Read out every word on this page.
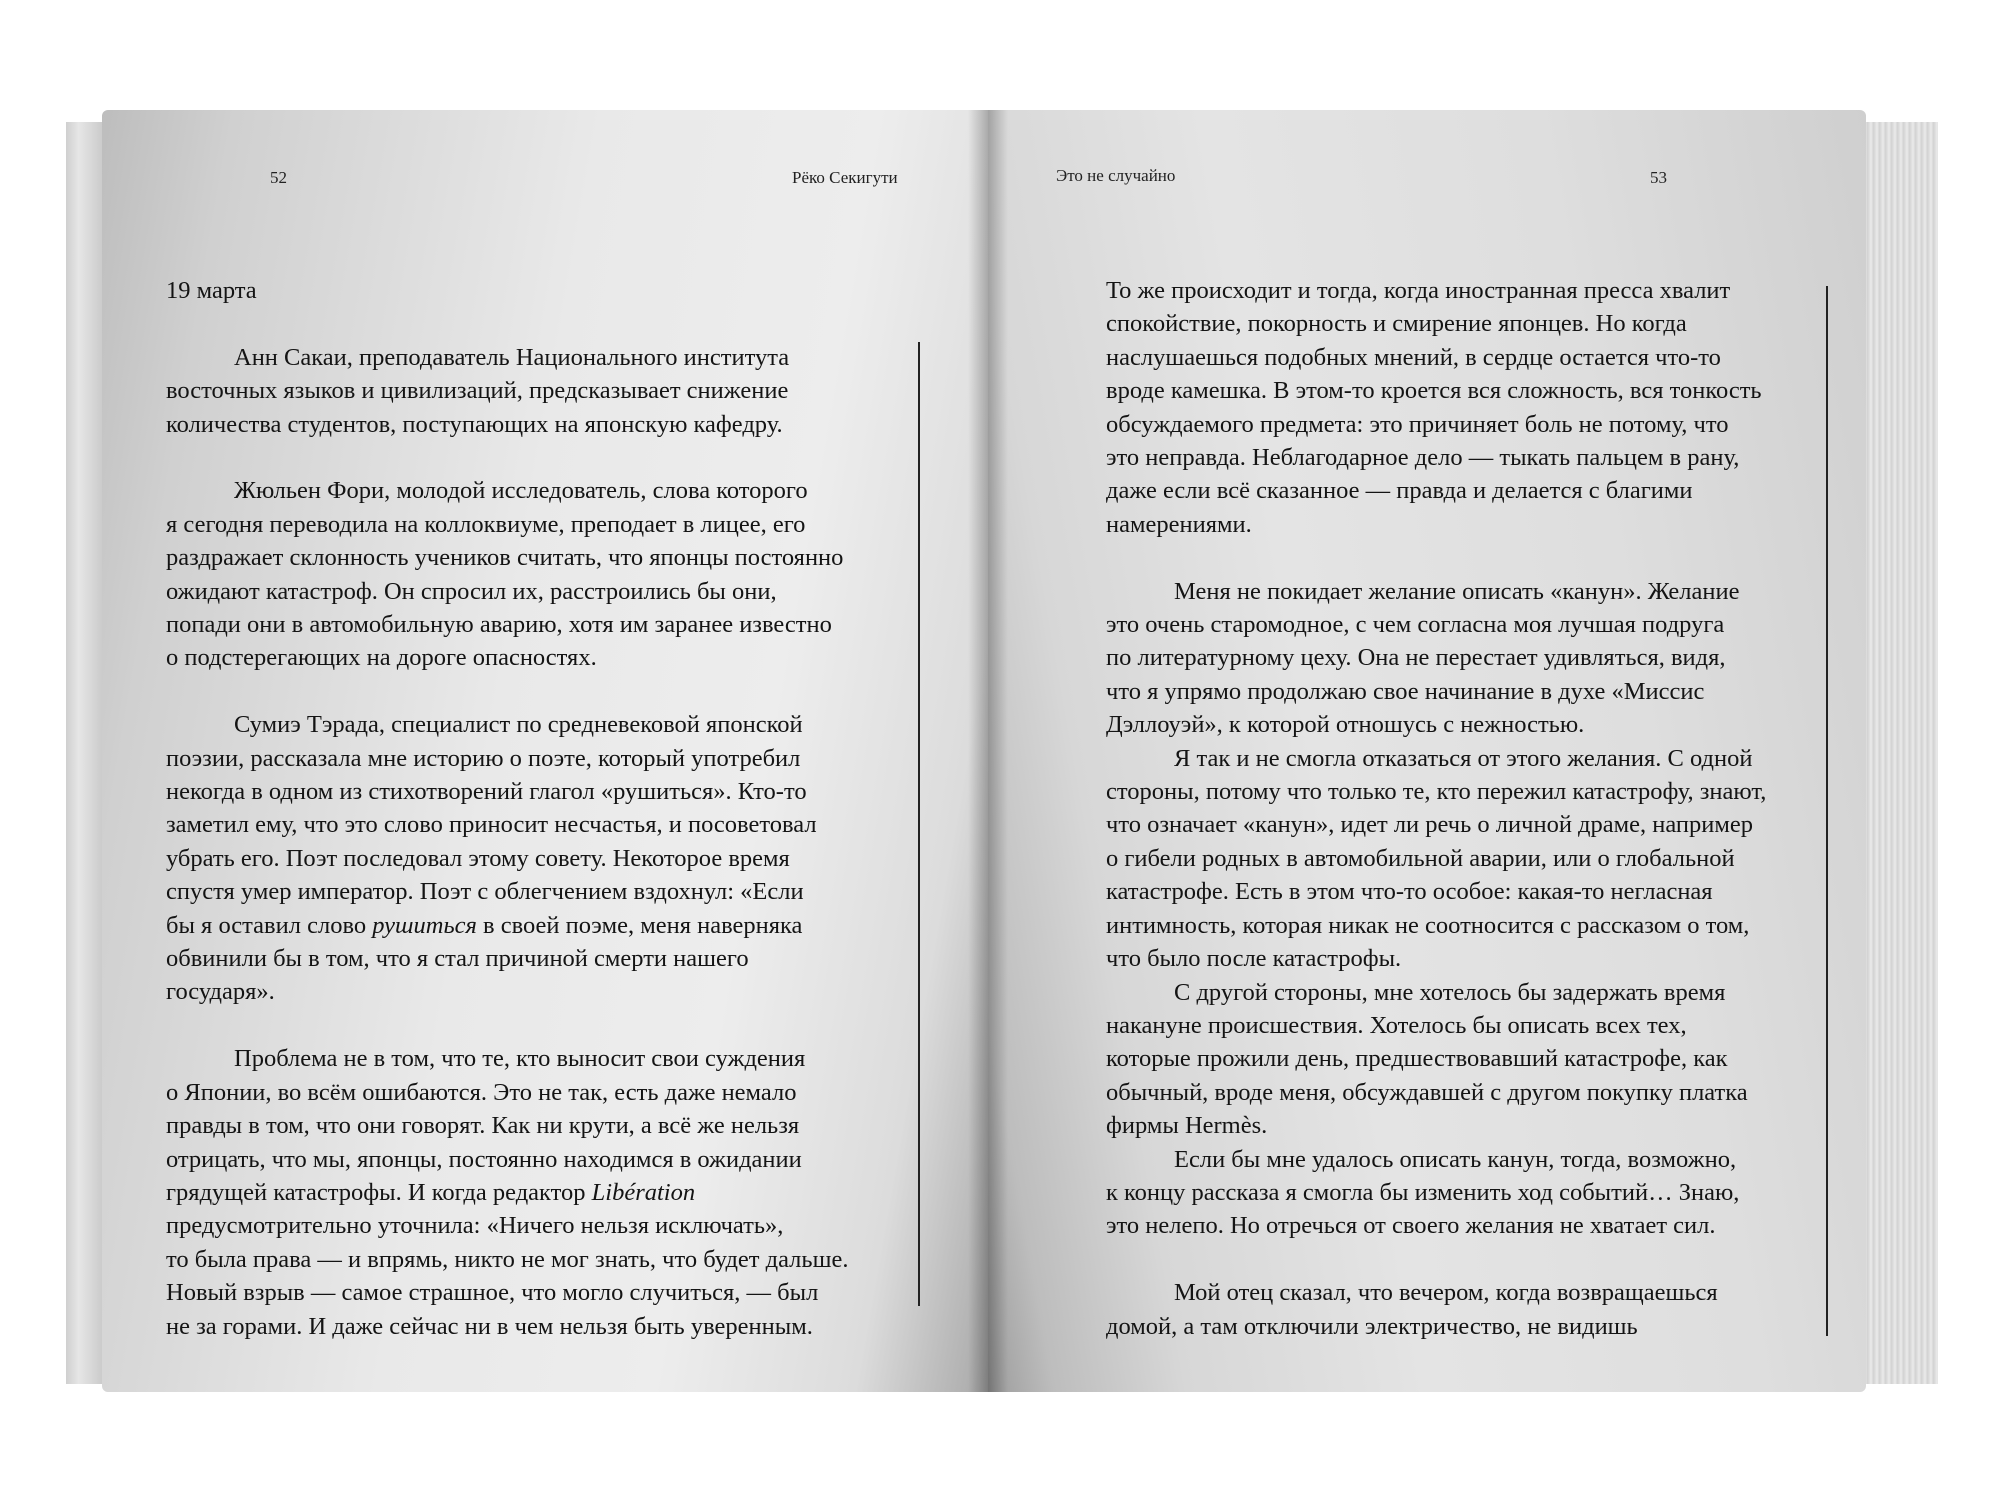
52	Рёко Секигути

19 марта

Анн Сакаи, преподаватель Национального института
восточных языков и цивилизаций, предсказывает снижение
количества студентов, поступающих на японскую кафедру.

Жюльен Фори, молодой исследователь, слова которого
я сегодня переводила на коллоквиуме, преподает в лицее, его
раздражает склонность учеников считать, что японцы постоянно
ожидают катастроф. Он спросил их, расстроились бы они,
попади они в автомобильную аварию, хотя им заранее известно
о подстерегающих на дороге опасностях.

Сумиэ Тэрада, специалист по средневековой японской
поэзии, рассказала мне историю о поэте, который употребил
некогда в одном из стихотворений глагол «рушиться». Кто-то
заметил ему, что это слово приносит несчастья, и посоветовал
убрать его. Поэт последовал этому совету. Некоторое время
спустя умер император. Поэт с облегчением вздохнул: «Если
бы я оставил слово рушиться в своей поэме, меня наверняка
обвинили бы в том, что я стал причиной смерти нашего
государя».

Проблема не в том, что те, кто выносит свои суждения
о Японии, во всём ошибаются. Это не так, есть даже немало
правды в том, что они говорят. Как ни крути, а всё же нельзя
отрицать, что мы, японцы, постоянно находимся в ожидании
грядущей катастрофы. И когда редактор Libération
предусмотрительно уточнила: «Ничего нельзя исключать»,
то была права — и впрямь, никто не мог знать, что будет дальше.
Новый взрыв — самое страшное, что могло случиться, — был
не за горами. И даже сейчас ни в чем нельзя быть уверенным.

Это не случайно	53

То же происходит и тогда, когда иностранная пресса хвалит
спокойствие, покорность и смирение японцев. Но когда
наслушаешься подобных мнений, в сердце остается что-то
вроде камешка. В этом-то кроется вся сложность, вся тонкость
обсуждаемого предмета: это причиняет боль не потому, что
это неправда. Неблагодарное дело — тыкать пальцем в рану,
даже если всё сказанное — правда и делается с благими
намерениями.

Меня не покидает желание описать «канун». Желание
это очень старомодное, с чем согласна моя лучшая подруга
по литературному цеху. Она не перестает удивляться, видя,
что я упрямо продолжаю свое начинание в духе «Миссис
Дэллоуэй», к которой отношусь с нежностью.

Я так и не смогла отказаться от этого желания. С одной
стороны, потому что только те, кто пережил катастрофу, знают,
что означает «канун», идет ли речь о личной драме, например
о гибели родных в автомобильной аварии, или о глобальной
катастрофе. Есть в этом что-то особое: какая-то негласная
интимность, которая никак не соотносится с рассказом о том,
что было после катастрофы.

С другой стороны, мне хотелось бы задержать время
накануне происшествия. Хотелось бы описать всех тех,
которые прожили день, предшествовавший катастрофе, как
обычный, вроде меня, обсуждавшей с другом покупку платка
фирмы Hermès.

Если бы мне удалось описать канун, тогда, возможно,
к концу рассказа я смогла бы изменить ход событий… Знаю,
это нелепо. Но отречься от своего желания не хватает сил.

Мой отец сказал, что вечером, когда возвращаешься
домой, а там отключили электричество, не видишь
